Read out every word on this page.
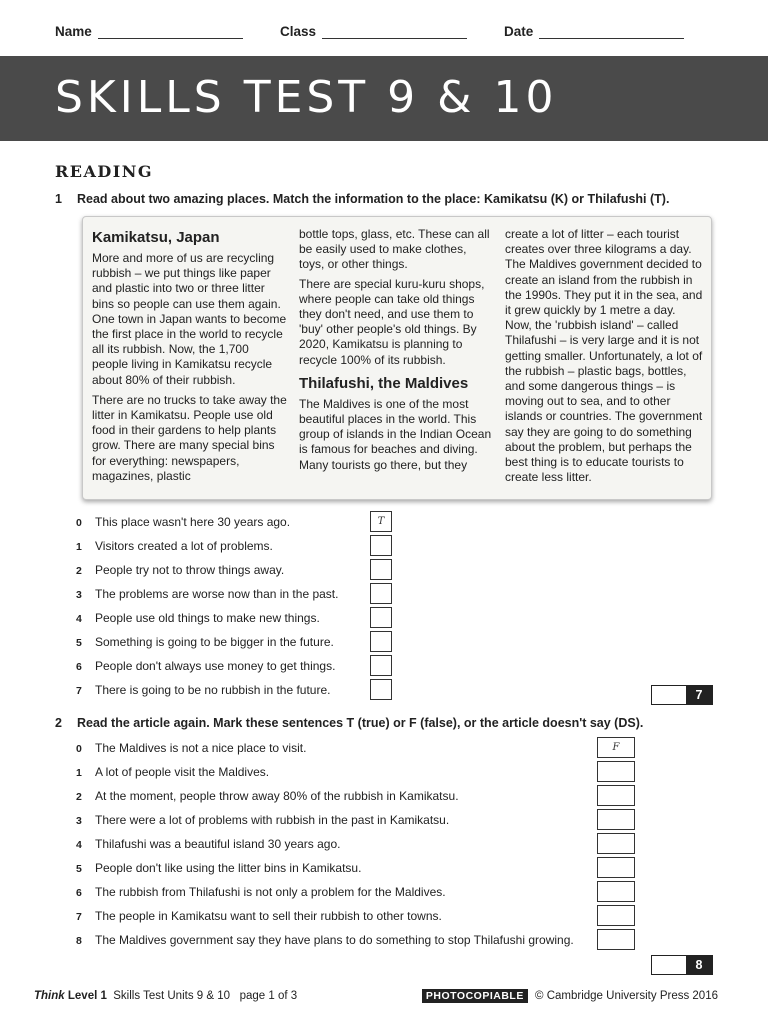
Name	Class	Date
SKILLS TEST 9 & 10
READING
1 Read about two amazing places. Match the information to the place: Kamikatsu (K) or Thilafushi (T).
Kamikatsu, Japan

More and more of us are recycling rubbish – we put things like paper and plastic into two or three litter bins so people can use them again. One town in Japan wants to become the first place in the world to recycle all its rubbish. Now, the 1,700 people living in Kamikatsu recycle about 80% of their rubbish.

There are no trucks to take away the litter in Kamikatsu. People use old food in their gardens to help plants grow. There are many special bins for everything: newspapers, magazines, plastic

bottle tops, glass, etc. These can all be easily used to make clothes, toys, or other things.

There are special kuru-kuru shops, where people can take old things they don't need, and use them to 'buy' other people's old things. By 2020, Kamikatsu is planning to recycle 100% of its rubbish.

Thilafushi, the Maldives

The Maldives is one of the most beautiful places in the world. This group of islands in the Indian Ocean is famous for beaches and diving. Many tourists go there, but they

create a lot of litter – each tourist creates over three kilograms a day. The Maldives government decided to create an island from the rubbish in the 1990s. They put it in the sea, and it grew quickly by 1 metre a day. Now, the 'rubbish island' – called Thilafushi – is very large and it is not getting smaller. Unfortunately, a lot of the rubbish – plastic bags, bottles, and some dangerous things – is moving out to sea, and to other islands or countries. The government say they are going to do something about the problem, but perhaps the best thing is to educate tourists to create less litter.

0 This place wasn't here 30 years ago.	T
1 Visitors created a lot of problems.
2 People try not to throw things away.
3 The problems are worse now than in the past.
4 People use old things to make new things.
5 Something is going to be bigger in the future.
6 People don't always use money to get things.
7 There is going to be no rubbish in the future.	7
2 Read the article again. Mark these sentences T (true) or F (false), or the article doesn't say (DS).
0 The Maldives is not a nice place to visit.	F
1 A lot of people visit the Maldives.
2 At the moment, people throw away 80% of the rubbish in Kamikatsu.
3 There were a lot of problems with rubbish in the past in Kamikatsu.
4 Thilafushi was a beautiful island 30 years ago.
5 People don't like using the litter bins in Kamikatsu.
6 The rubbish from Thilafushi is not only a problem for the Maldives.
7 The people in Kamikatsu want to sell their rubbish to other towns.
8 The Maldives government say they have plans to do something to stop Thilafushi growing.
8
Think Level 1 Skills Test Units 9 & 10 page 1 of 3	PHOTOCOPIABLE © Cambridge University Press 2016
